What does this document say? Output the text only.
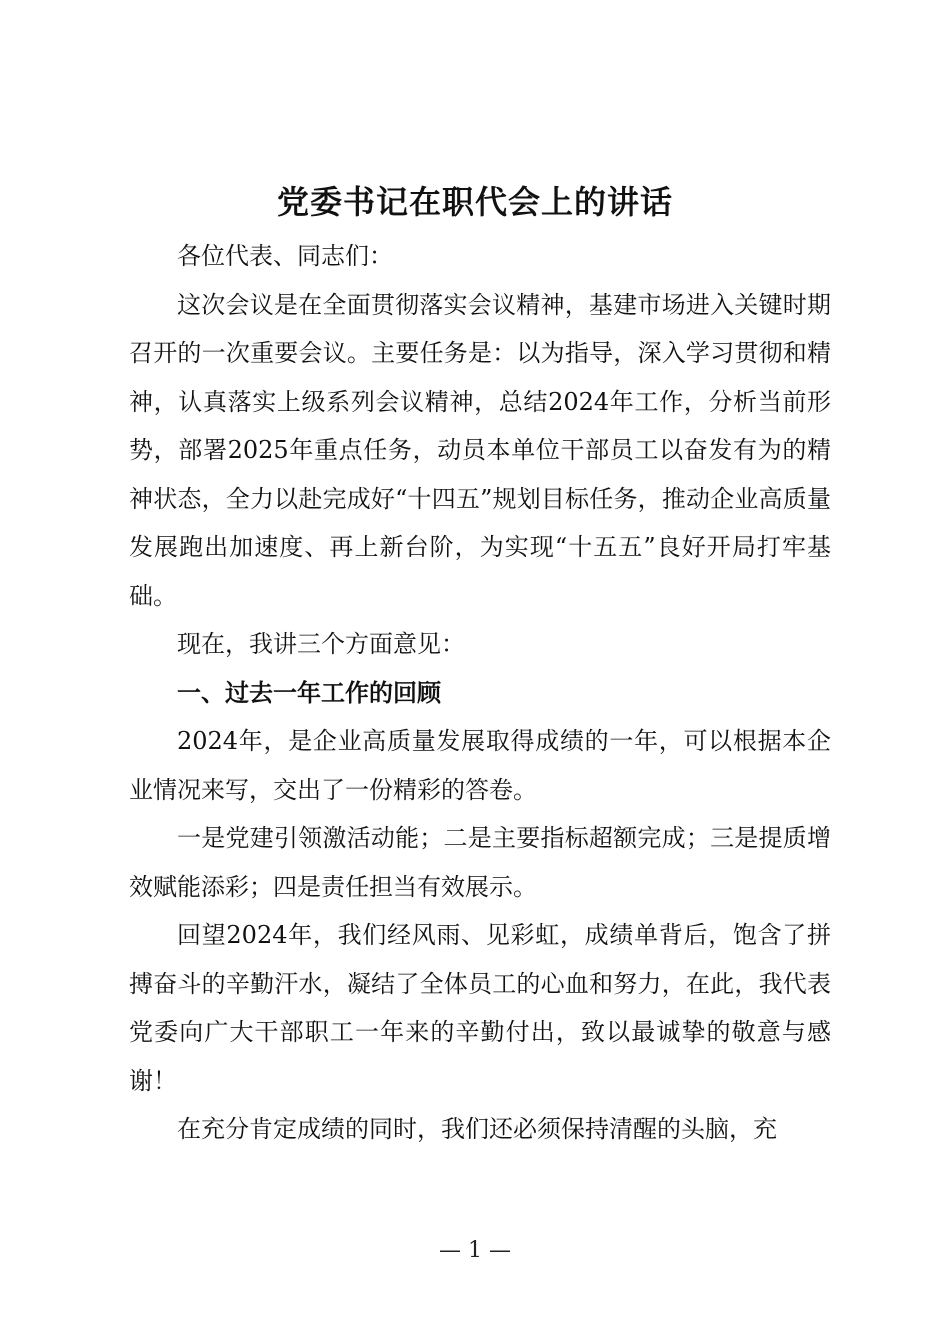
党委书记在职代会上的讲话

各位代表、同志们：

这次会议是在全面贯彻落实会议精神，基建市场进入关键时期召开的一次重要会议。主要任务是：以为指导，深入学习贯彻和精神，认真落实上级系列会议精神，总结2024年工作，分析当前形势，部署2025年重点任务，动员本单位干部员工以奋发有为的精神状态，全力以赴完成好“十四五”规划目标任务，推动企业高质量发展跑出加速度、再上新台阶，为实现“十五五”良好开局打牢基础。

现在，我讲三个方面意见：

一、过去一年工作的回顾

2024年，是企业高质量发展取得成绩的一年，可以根据本企业情况来写，交出了一份精彩的答卷。

一是党建引领激活动能；二是主要指标超额完成；三是提质增效赋能添彩；四是责任担当有效展示。

回望2024年，我们经风雨、见彩虹，成绩单背后，饱含了拼搏奋斗的辛勤汗水，凝结了全体员工的心血和努力，在此，我代表党委向广大干部职工一年来的辛勤付出，致以最诚挚的敬意与感谢！

在充分肯定成绩的同时，我们还必须保持清醒的头脑，充

— 1 —
